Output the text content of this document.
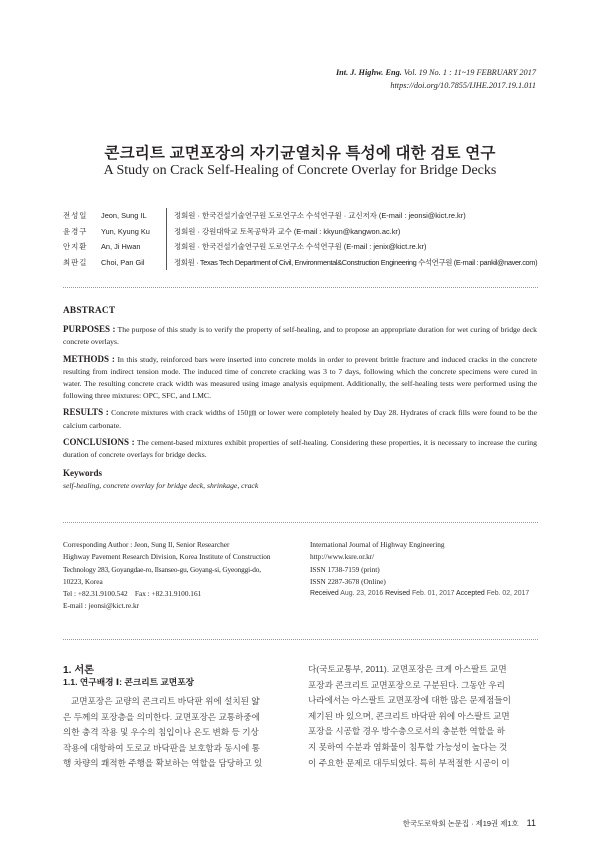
Int. J. Highw. Eng. Vol. 19 No. 1 : 11~19 FEBRUARY 2017
https://doi.org/10.7855/IJHE.2017.19.1.011
콘크리트 교면포장의 자기균열치유 특성에 대한 검토 연구
A Study on Crack Self-Healing of Concrete Overlay for Bridge Decks
전성일	Jeon, Sung IL	정회원 · 한국건설기술연구원 도로연구소 수석연구원 · 교신저자 (E-mail : jeonsi@kict.re.kr)
윤경구	Yun, Kyung Ku	정회원 · 강원대학교 토목공학과 교수 (E-mail : kkyun@kangwon.ac.kr)
안지환	An, Ji Hwan	정회원 · 한국건설기술연구원 도로연구소 수석연구원 (E-mail : jenix@kict.re.kr)
최판길	Choi, Pan Gil	정회원 · Texas Tech Department of Civil, Environmental&Construction Engineering 수석연구원 (E-mail : pankil@naver.com)
ABSTRACT

PURPOSES : The purpose of this study is to verify the property of self-healing, and to propose an appropriate duration for wet curing of bridge deck concrete overlays.

METHODS : In this study, reinforced bars were inserted into concrete molds in order to prevent brittle fracture and induced cracks in the concrete resulting from indirect tension mode. The induced time of concrete cracking was 3 to 7 days, following which the concrete specimens were cured in water. The resulting concrete crack width was measured using image analysis equipment. Additionally, the self-healing tests were performed using the following three mixtures: OPC, SFC, and LMC.

RESULTS : Concrete mixtures with crack widths of 150㎛ or lower were completely healed by Day 28. Hydrates of crack fills were found to be the calcium carbonate.

CONCLUSIONS : The cement-based mixtures exhibit properties of self-healing. Considering these properties, it is necessary to increase the curing duration of concrete overlays for bridge decks.

Keywords
self-healing, concrete overlay for bridge deck, shrinkage, crack
Corresponding Author : Jeon, Sung Il, Senior Researcher
Highway Pavement Research Division, Korea Institute of Construction
Technology 283, Goyangdae-ro, Ilsanseo-gu, Goyang-si, Gyeonggi-do,
10223, Korea
Tel : +82.31.9100.542    Fax : +82.31.9100.161
E-mail : jeonsi@kict.re.kr
International Journal of Highway Engineering
http://www.ksre.or.kr/
ISSN 1738-7159 (print)
ISSN 2287-3678 (Online)
Received Aug. 23, 2016 Revised Feb. 01, 2017 Accepted Feb. 02, 2017
1. 서론
1.1. 연구배경 Ⅰ: 콘크리트 교면포장
교면포장은 교량의 콘크리트 바닥판 위에 설치된 얇
은 두께의 포장층을 의미한다. 교면포장은 교통하중에
의한 충격 작용 및 우수의 침입이나 온도 변화 등 기상
작용에 대항하여 도로교 바닥판을 보호함과 동시에 통
행 차량의 쾌적한 주행을 확보하는 역할을 담당하고 있
다(국토교통부, 2011). 교면포장은 크게 아스팔트 교면
포장과 콘크리트 교면포장으로 구분된다. 그동안 우리
나라에서는 아스팔트 교면포장에 대한 많은 문제점들이
제기된 바 있으며, 콘크리트 바닥판 위에 아스팔트 교면
포장을 시공할 경우 방수층으로서의 충분한 역할을 하
지 못하여 수분과 염화물이 침투할 가능성이 높다는 것
이 주요한 문제로 대두되었다. 특히 부적절한 시공이 이
한국도로학회 논문집 · 제19권 제1호 11
